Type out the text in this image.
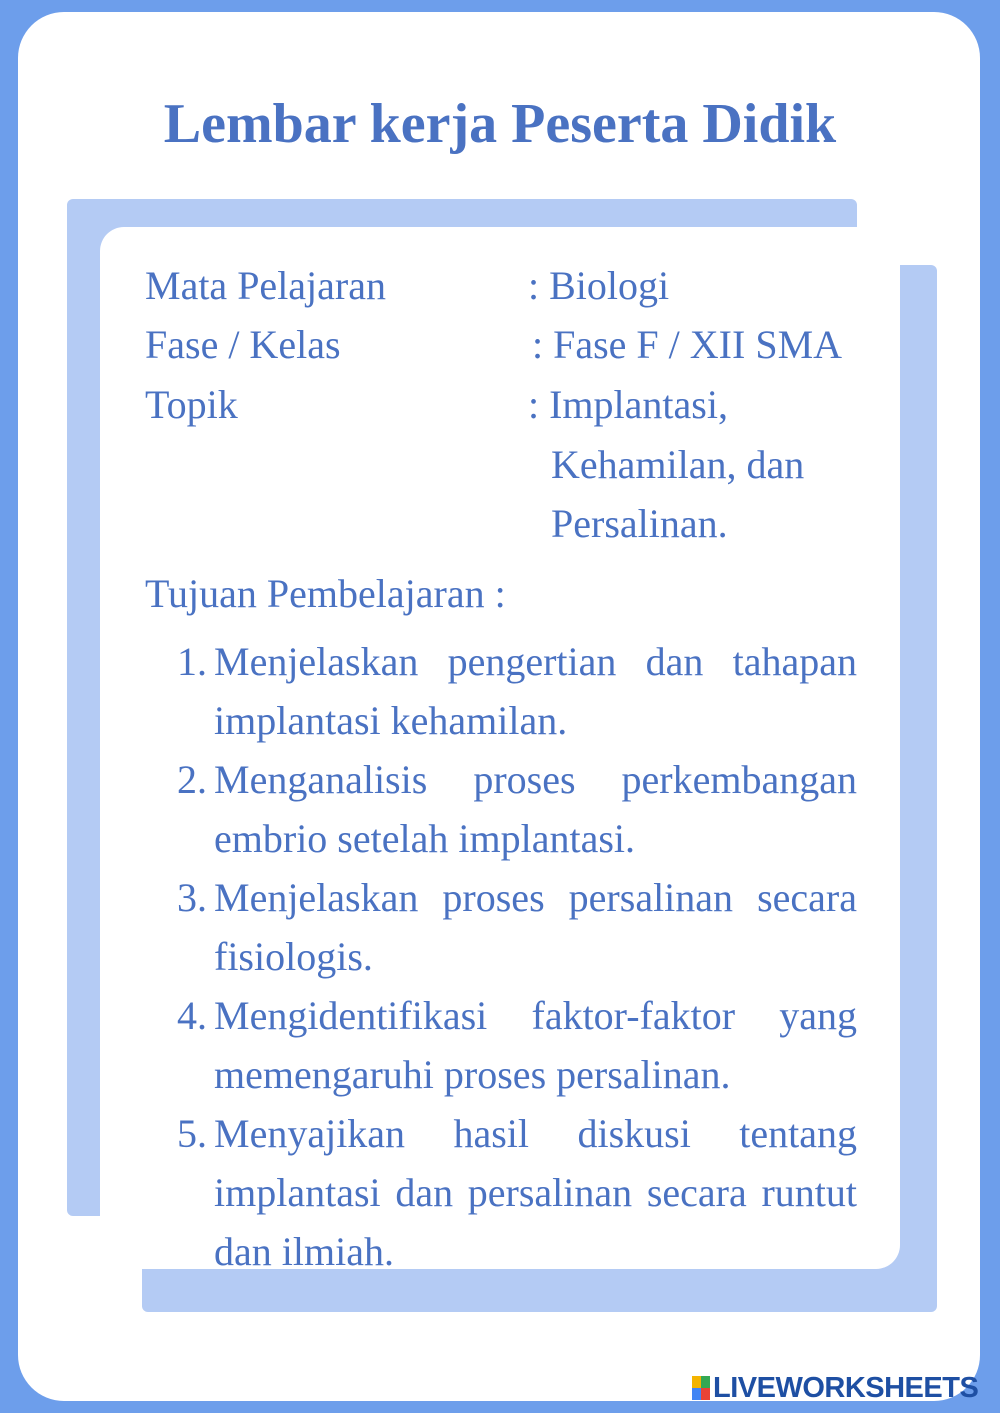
Lembar kerja Peserta Didik
Mata Pelajaran	: Biologi
Fase / Kelas	: Fase F / XII SMA
Topik	: Implantasi,
Kehamilan, dan
Persalinan.
Tujuan Pembelajaran :
1. Menjelaskan pengertian dan tahapan implantasi kehamilan.
2. Menganalisis proses perkembangan embrio setelah implantasi.
3. Menjelaskan proses persalinan secara fisiologis.
4. Mengidentifikasi faktor-faktor yang memengaruhi proses persalinan.
5. Menyajikan hasil diskusi tentang implantasi dan persalinan secara runtut dan ilmiah.
LIVEWORKSHEETS
